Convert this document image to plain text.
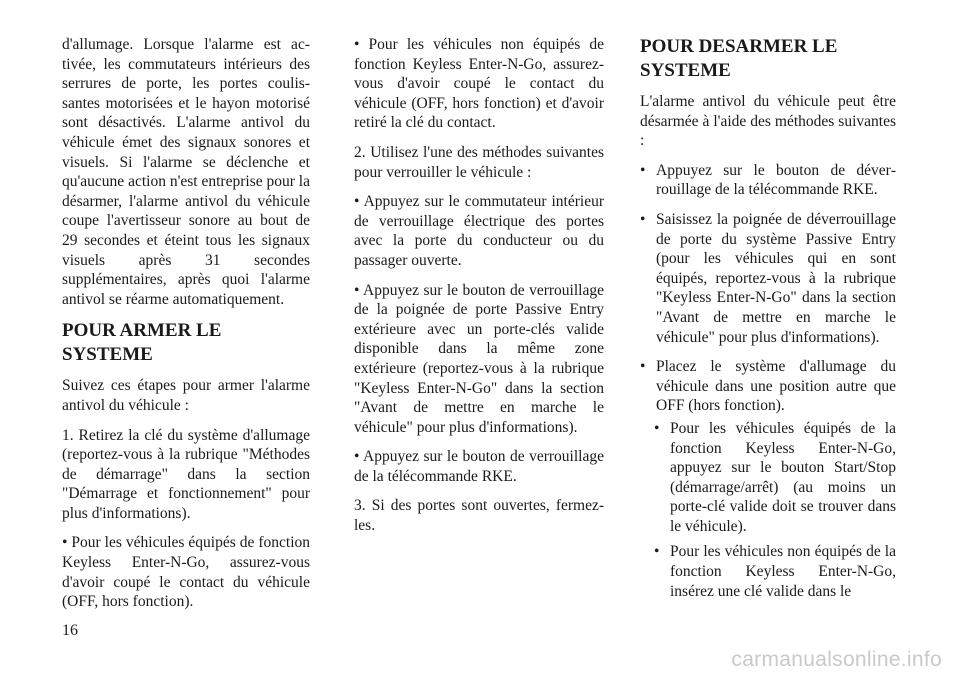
d'allumage. Lorsque l'alarme est activée, les commutateurs intérieurs des serrures de porte, les portes coulissantes motorisées et le hayon motorisé sont désactivés. L'alarme antivol du véhicule émet des signaux sonores et visuels. Si l'alarme se déclenche et qu'aucune action n'est entreprise pour la désarmer, l'alarme antivol du véhicule coupe l'avertisseur sonore au bout de 29 secondes et éteint tous les signaux visuels après 31 secondes supplémentaires, après quoi l'alarme antivol se réarme automatiquement.

POUR ARMER LE SYSTEME

Suivez ces étapes pour armer l'alarme antivol du véhicule :

1. Retirez la clé du système d'allumage (reportez-vous à la rubrique "Méthodes de démarrage" dans la section "Démarrage et fonctionnement" pour plus d'informations).

• Pour les véhicules équipés de fonction Keyless Enter-N-Go, assurez-vous d'avoir coupé le contact du véhicule (OFF, hors fonction).

• Pour les véhicules non équipés de fonction Keyless Enter-N-Go, assurez-vous d'avoir coupé le contact du véhicule (OFF, hors fonction) et d'avoir retiré la clé du contact.

2. Utilisez l'une des méthodes suivantes pour verrouiller le véhicule :

• Appuyez sur le commutateur intérieur de verrouillage électrique des portes avec la porte du conducteur ou du passager ouverte.

• Appuyez sur le bouton de verrouillage de la poignée de porte Passive Entry extérieure avec un porte-clés valide disponible dans la même zone extérieure (reportez-vous à la rubrique "Keyless Enter-N-Go" dans la section "Avant de mettre en marche le véhicule" pour plus d'informations).

• Appuyez sur le bouton de verrouillage de la télécommande RKE.

3. Si des portes sont ouvertes, fermez-les.

POUR DESARMER LE SYSTEME

L'alarme antivol du véhicule peut être désarmée à l'aide des méthodes suivantes :

• Appuyez sur le bouton de déverrouillage de la télécommande RKE.
• Saisissez la poignée de déverrouillage de porte du système Passive Entry (pour les véhicules qui en sont équipés, reportez-vous à la rubrique "Keyless Enter-N-Go" dans la section "Avant de mettre en marche le véhicule" pour plus d'informations).
• Placez le système d'allumage du véhicule dans une position autre que OFF (hors fonction).
• Pour les véhicules équipés de la fonction Keyless Enter-N-Go, appuyez sur le bouton Start/Stop (démarrage/arrêt) (au moins un porte-clé valide doit se trouver dans le véhicule).
• Pour les véhicules non équipés de la fonction Keyless Enter-N-Go, insérez une clé valide dans le
16
carmanualsonline.info
